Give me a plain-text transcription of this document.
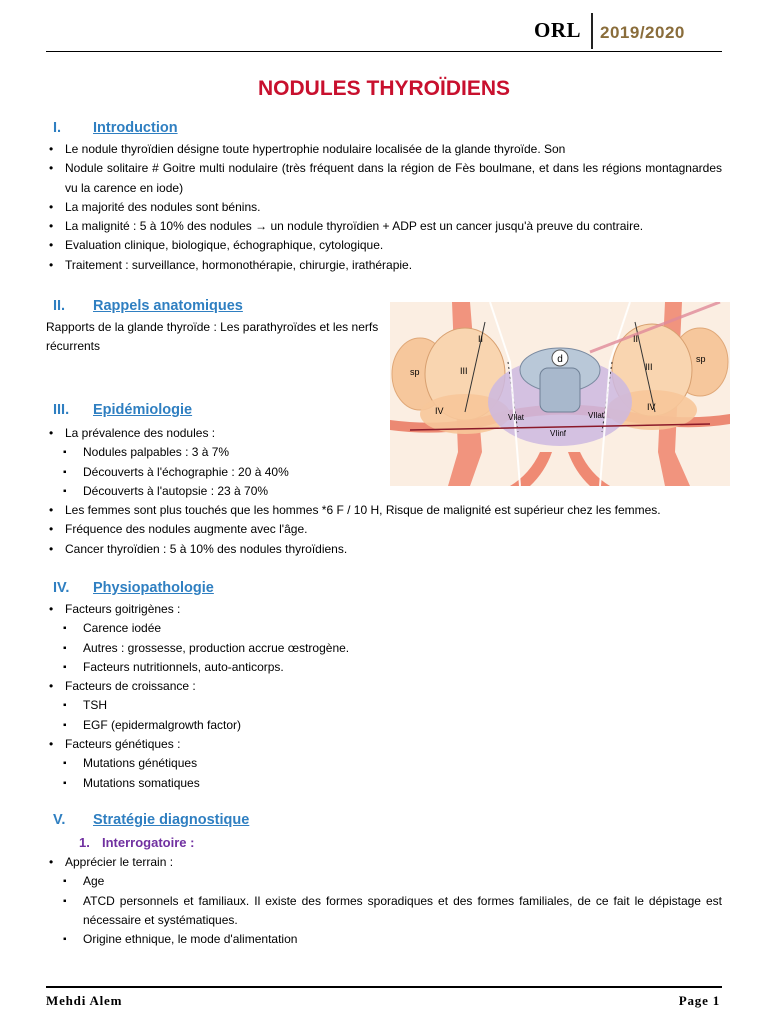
ORL 2019/2020
NODULES THYROÏDIENS
I.	Introduction
• Le nodule thyroïdien désigne toute hypertrophie nodulaire localisée de la glande thyroïde. Son
• Nodule solitaire # Goitre multi nodulaire (très fréquent dans la région de Fès boulmane, et dans les régions montagnardes vu la carence en iode)
• La majorité des nodules sont bénins.
• La malignité : 5 à 10% des nodules → un nodule thyroïdien + ADP est un cancer jusqu'à preuve du contraire.
• Evaluation clinique, biologique, échographique, cytologique.
• Traitement : surveillance, hormonothérapie, chirurgie, irathérapie.
II.	Rappels anatomiques
Rapports de la glande thyroïde : Les parathyroïdes et les nerfs récurrents
d
sp
sp
II	II
III	III
IV	IV
VIlat	VIlat
VIinf
III.	Epidémiologie
• La prévalence des nodules :
▪ Nodules palpables : 3 à 7%
▪ Découverts à l'échographie : 20 à 40%
▪ Découverts à l'autopsie : 23 à 70%
• Les femmes sont plus touchés que les hommes *6 F / 10 H, Risque de malignité est supérieur chez les femmes.
• Fréquence des nodules augmente avec l'âge.
• Cancer thyroïdien : 5 à 10% des nodules thyroïdiens.
IV.	Physiopathologie
• Facteurs goitrigènes :
▪ Carence iodée
▪ Autres : grossesse, production accrue œstrogène.
▪ Facteurs nutritionnels, auto-anticorps.
• Facteurs de croissance :
▪ TSH
▪ EGF (epidermalgrowth factor)
• Facteurs génétiques :
▪ Mutations génétiques
▪ Mutations somatiques
V.	Stratégie diagnostique
1. Interrogatoire :
• Apprécier le terrain :
▪ Age
▪ ATCD personnels et familiaux. Il existe des formes sporadiques et des formes familiales, de ce fait le dépistage est nécessaire et systématiques.
▪ Origine ethnique, le mode d'alimentation
Mehdi Alem	Page 1
